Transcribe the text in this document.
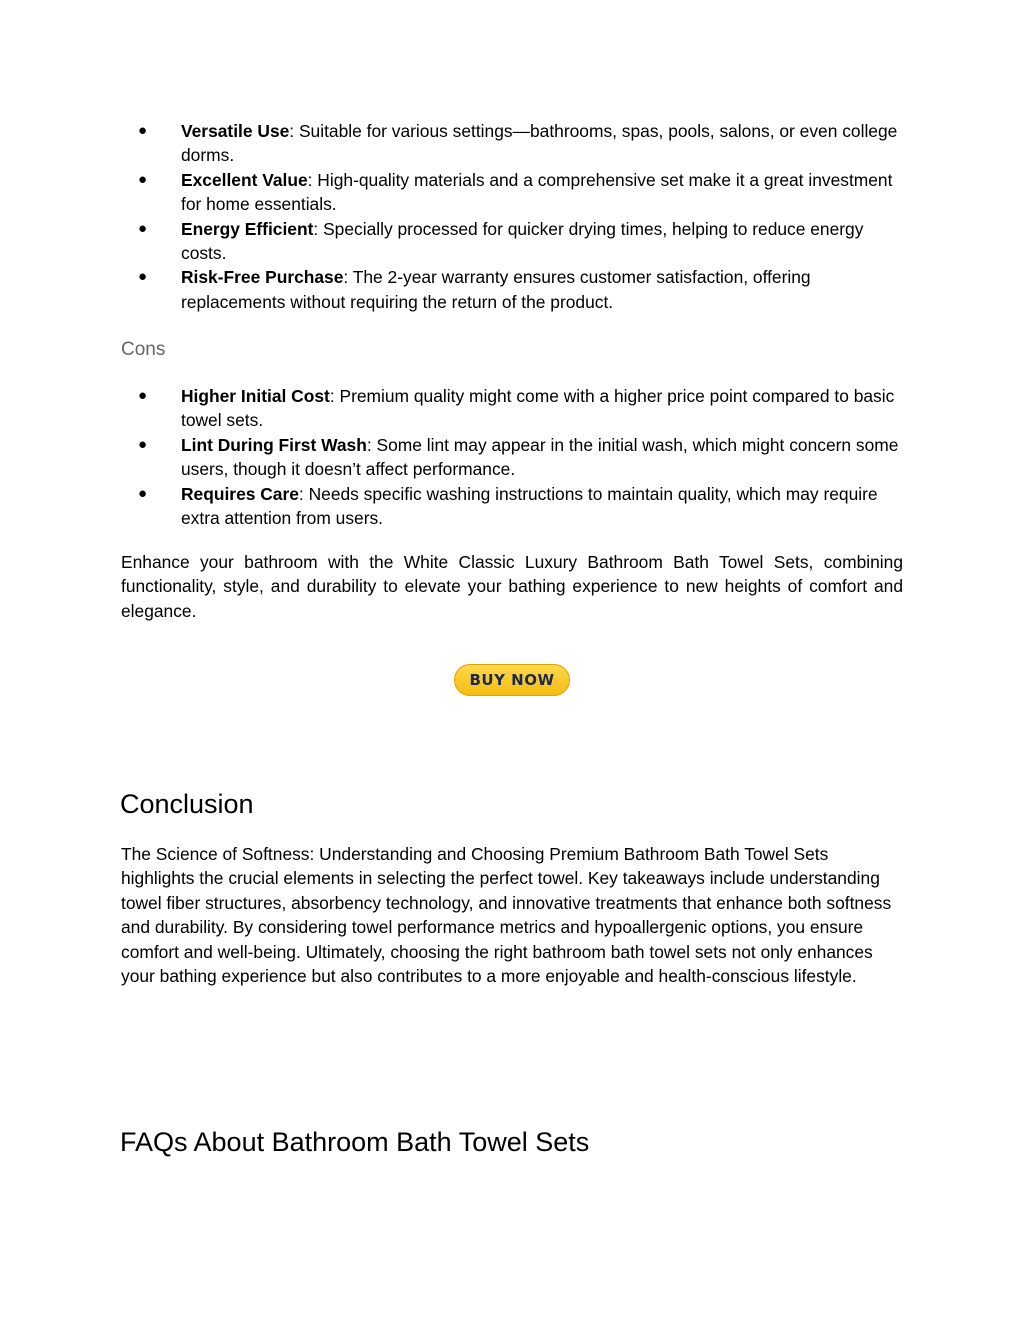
● Versatile Use: Suitable for various settings—bathrooms, spas, pools, salons, or even college dorms.
● Excellent Value: High-quality materials and a comprehensive set make it a great investment for home essentials.
● Energy Efficient: Specially processed for quicker drying times, helping to reduce energy costs.
● Risk-Free Purchase: The 2-year warranty ensures customer satisfaction, offering replacements without requiring the return of the product.
Cons
● Higher Initial Cost: Premium quality might come with a higher price point compared to basic towel sets.
● Lint During First Wash: Some lint may appear in the initial wash, which might concern some users, though it doesn’t affect performance.
● Requires Care: Needs specific washing instructions to maintain quality, which may require extra attention from users.

Enhance your bathroom with the White Classic Luxury Bathroom Bath Towel Sets, combining functionality, style, and durability to elevate your bathing experience to new heights of comfort and elegance.

BUY NOW
Conclusion

The Science of Softness: Understanding and Choosing Premium Bathroom Bath Towel Sets highlights the crucial elements in selecting the perfect towel. Key takeaways include understanding towel fiber structures, absorbency technology, and innovative treatments that enhance both softness and durability. By considering towel performance metrics and hypoallergenic options, you ensure comfort and well-being. Ultimately, choosing the right bathroom bath towel sets not only enhances your bathing experience but also contributes to a more enjoyable and health-conscious lifestyle.

FAQs About Bathroom Bath Towel Sets
